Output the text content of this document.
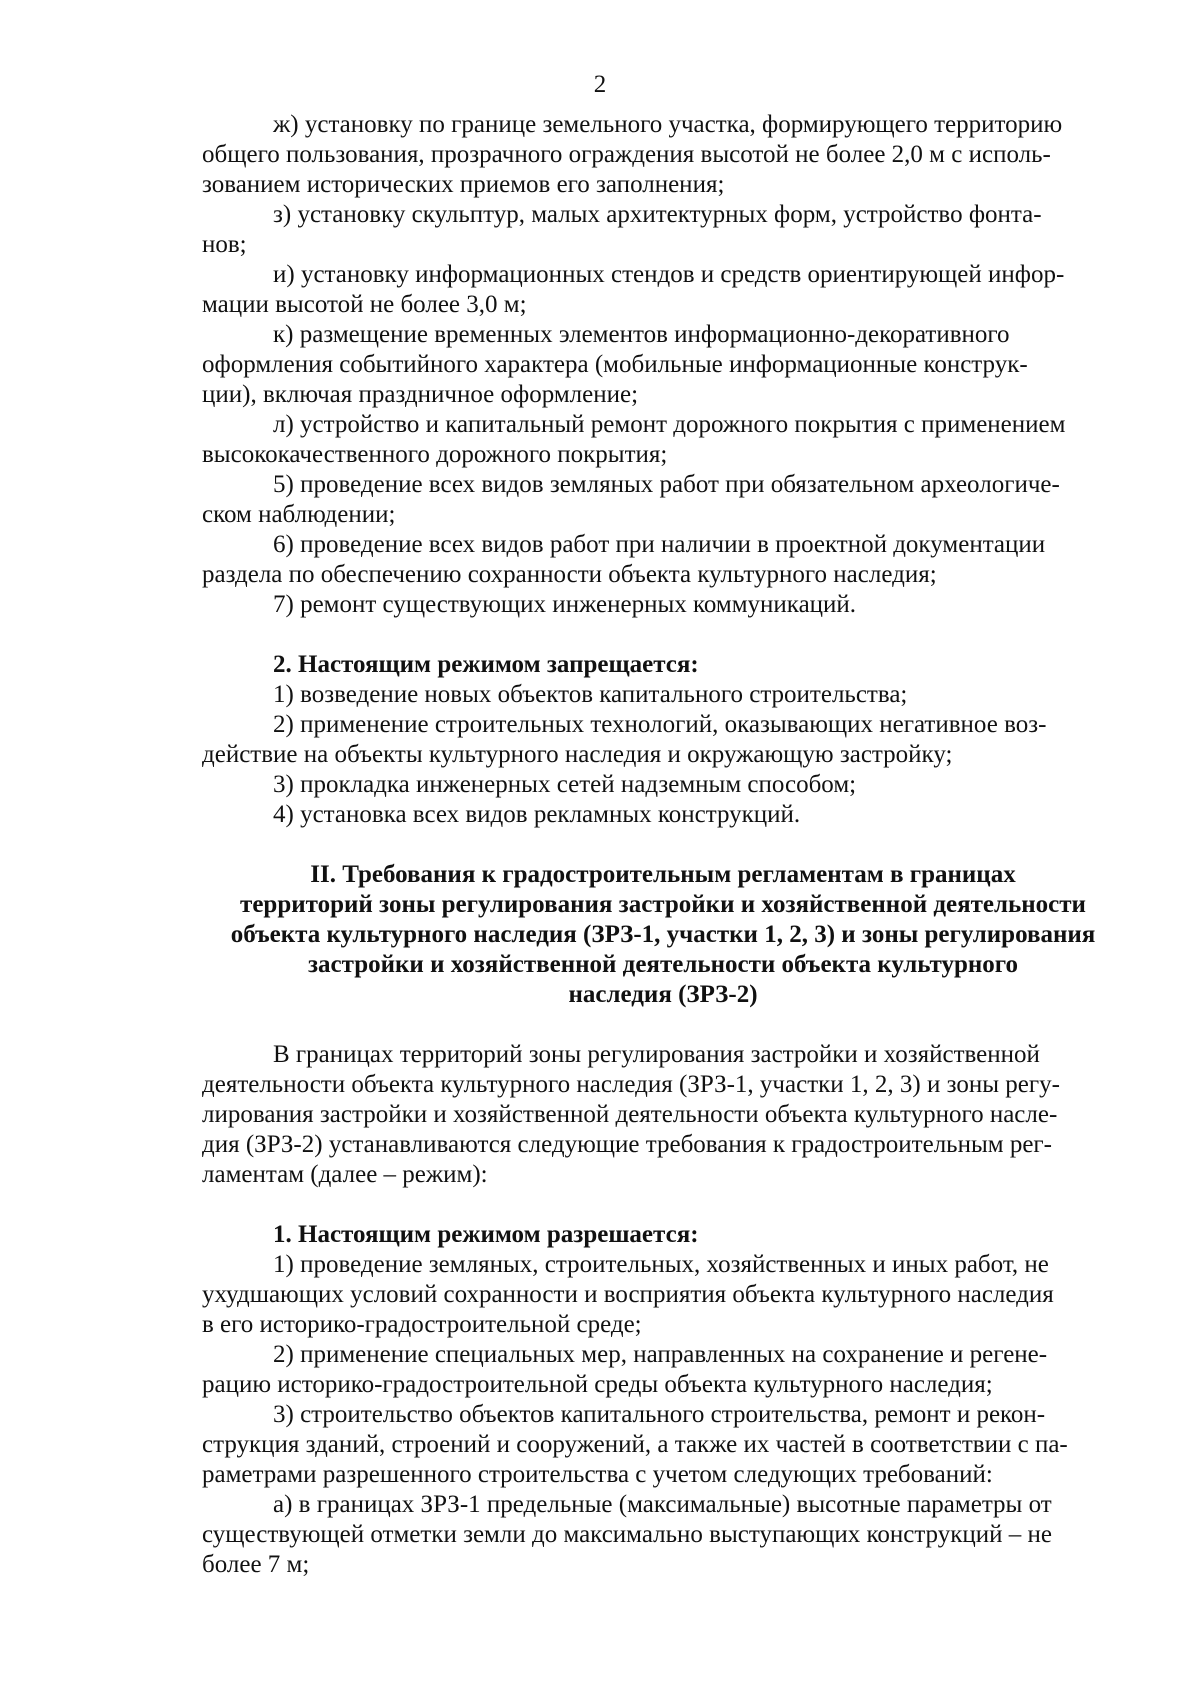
2

ж) установку по границе земельного участка, формирующего территорию
общего пользования, прозрачного ограждения высотой не более 2,0 м с исполь-
зованием исторических приемов его заполнения;

з) установку скульптур, малых архитектурных форм, устройство фонта-
нов;

и) установку информационных стендов и средств ориентирующей инфор-
мации высотой не более 3,0 м;

к) размещение временных элементов информационно-декоративного
оформления событийного характера (мобильные информационные конструк-
ции), включая праздничное оформление;

л) устройство и капитальный ремонт дорожного покрытия с применением
высококачественного дорожного покрытия;

5) проведение всех видов земляных работ при обязательном археологиче-
ском наблюдении;

6) проведение всех видов работ при наличии в проектной документации
раздела по обеспечению сохранности объекта культурного наследия;

7) ремонт существующих инженерных коммуникаций.

2. Настоящим режимом запрещается:

1) возведение новых объектов капитального строительства;

2) применение строительных технологий, оказывающих негативное воз-
действие на объекты культурного наследия и окружающую застройку;

3) прокладка инженерных сетей надземным способом;

4) установка всех видов рекламных конструкций.

II. Требования к градостроительным регламентам в границах
территорий зоны регулирования застройки и хозяйственной деятельности
объекта культурного наследия (ЗРЗ-1, участки 1, 2, 3) и зоны регулирования
застройки и хозяйственной деятельности объекта культурного
наследия (ЗРЗ-2)

В границах территорий зоны регулирования застройки и хозяйственной
деятельности объекта культурного наследия (ЗРЗ-1, участки 1, 2, 3) и зоны регу-
лирования застройки и хозяйственной деятельности объекта культурного насле-
дия (ЗРЗ-2) устанавливаются следующие требования к градостроительным рег-
ламентам (далее – режим):

1. Настоящим режимом разрешается:

1) проведение земляных, строительных, хозяйственных и иных работ, не
ухудшающих условий сохранности и восприятия объекта культурного наследия
в его историко-градостроительной среде;

2) применение специальных мер, направленных на сохранение и регене-
рацию историко-градостроительной среды объекта культурного наследия;

3) строительство объектов капитального строительства, ремонт и рекон-
струкция зданий, строений и сооружений, а также их частей в соответствии с па-
раметрами разрешенного строительства с учетом следующих требований:

а) в границах ЗРЗ-1 предельные (максимальные) высотные параметры от
существующей отметки земли до максимально выступающих конструкций – не
более 7 м;
